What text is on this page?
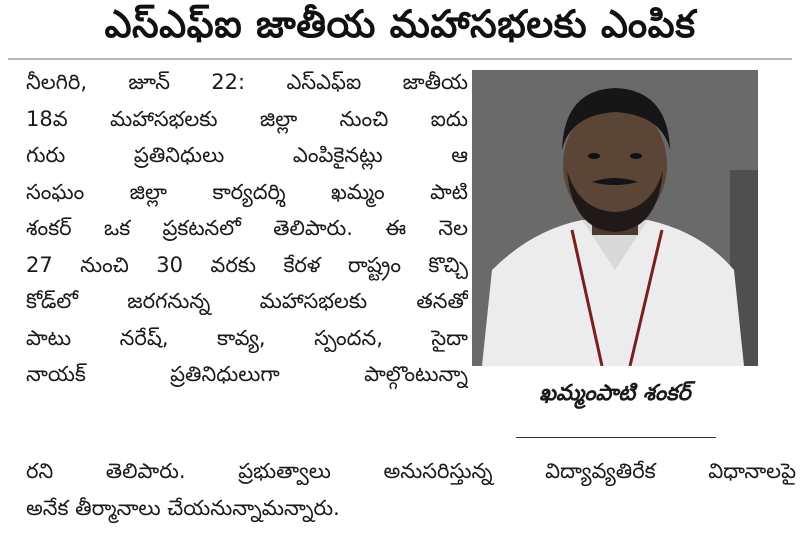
ఎస్ఎఫ్ఐ జాతీయ మహాసభలకు ఎంపిక
నీలగిరి, జూన్ 22: ఎస్ఎఫ్ఐ జాతీయ
18వ మహాసభలకు జిల్లా నుంచి ఐదు
గురు ప్రతినిధులు ఎంపికైనట్లు ఆ
సంఘం జిల్లా కార్యదర్శి ఖమ్మం పాటి
శంకర్ ఒక ప్రకటనలో తెలిపారు. ఈ నెల
27 నుంచి 30 వరకు కేరళ రాష్ట్రం కొచ్చి
కోడ్‌లో జరగనున్న మహాసభలకు తనతో
పాటు నరేష్, కావ్య, స్పందన, సైదా
నాయక్ ప్రతినిధులుగా పాల్గొంటున్నా
ఖమ్మంపాటి శంకర్
రని తెలిపారు. ప్రభుత్వాలు అనుసరిస్తున్న విద్యావ్యతిరేక విధానాలపై
అనేక తీర్మానాలు చేయనున్నామన్నారు.
